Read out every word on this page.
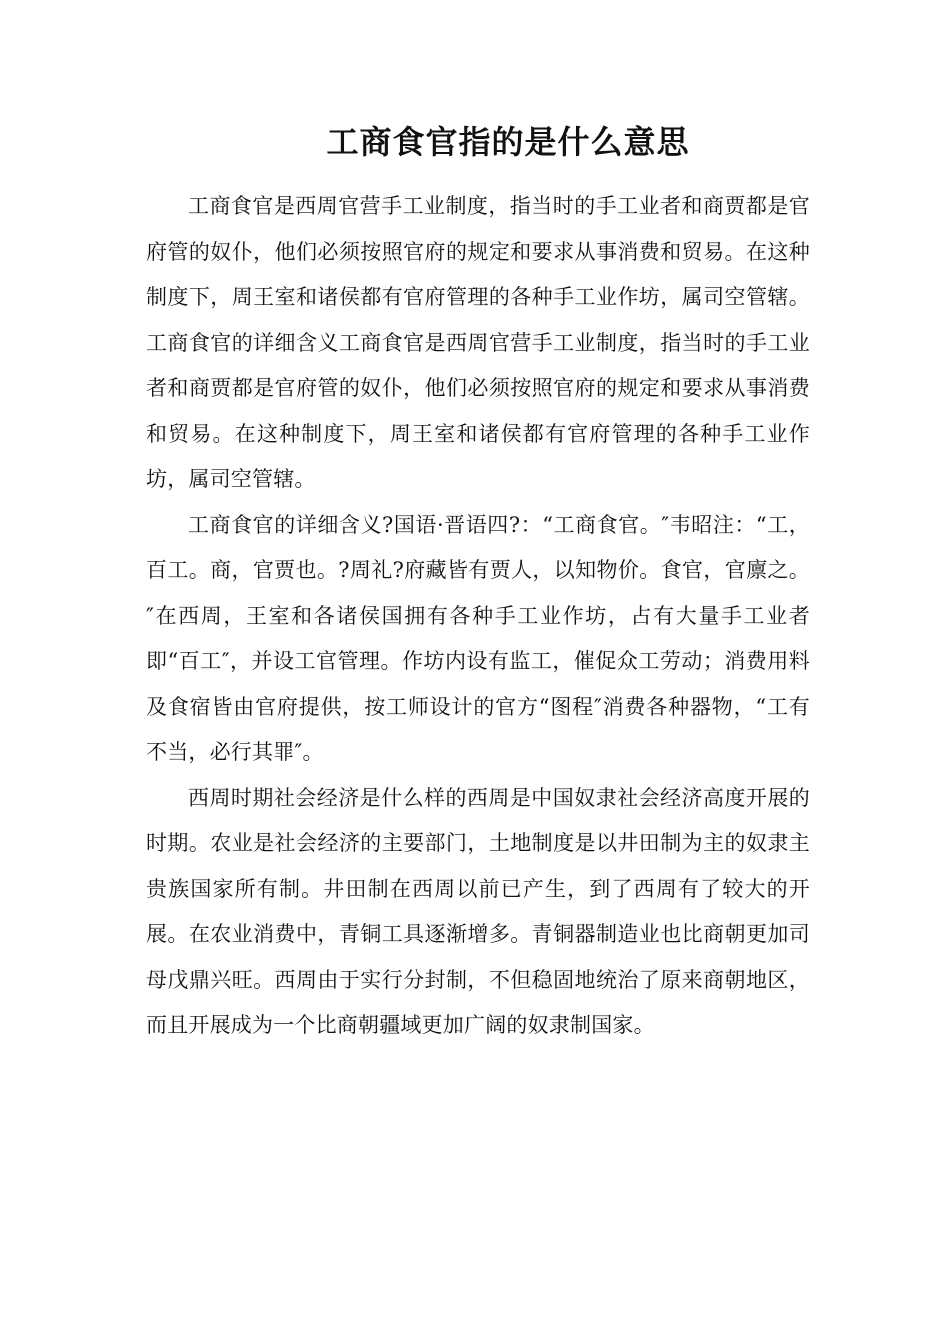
工商食官指的是什么意思

工商食官是西周官营手工业制度，指当时的手工业者和商贾都是官府管的奴仆，他们必须按照官府的规定和要求从事消费和贸易。在这种制度下，周王室和诸侯都有官府管理的各种手工业作坊，属司空管辖。工商食官的详细含义工商食官是西周官营手工业制度，指当时的手工业者和商贾都是官府管的奴仆，他们必须按照官府的规定和要求从事消费和贸易。在这种制度下，周王室和诸侯都有官府管理的各种手工业作坊，属司空管辖。

工商食官的详细含义?国语·晋语四?：“工商食官。″韦昭注：“工，百工。商，官贾也。?周礼?府藏皆有贾人，以知物价。食官，官廪之。″在西周，王室和各诸侯国拥有各种手工业作坊，占有大量手工业者即“百工″，并设工官管理。作坊内设有监工，催促众工劳动；消费用料及食宿皆由官府提供，按工师设计的官方“图程″消费各种器物，“工有不当，必行其罪″。

西周时期社会经济是什么样的西周是中国奴隶社会经济高度开展的时期。农业是社会经济的主要部门，土地制度是以井田制为主的奴隶主贵族国家所有制。井田制在西周以前已产生，到了西周有了较大的开展。在农业消费中，青铜工具逐渐增多。青铜器制造业也比商朝更加司母戊鼎兴旺。西周由于实行分封制，不但稳固地统治了原来商朝地区，而且开展成为一个比商朝疆域更加广阔的奴隶制国家。
